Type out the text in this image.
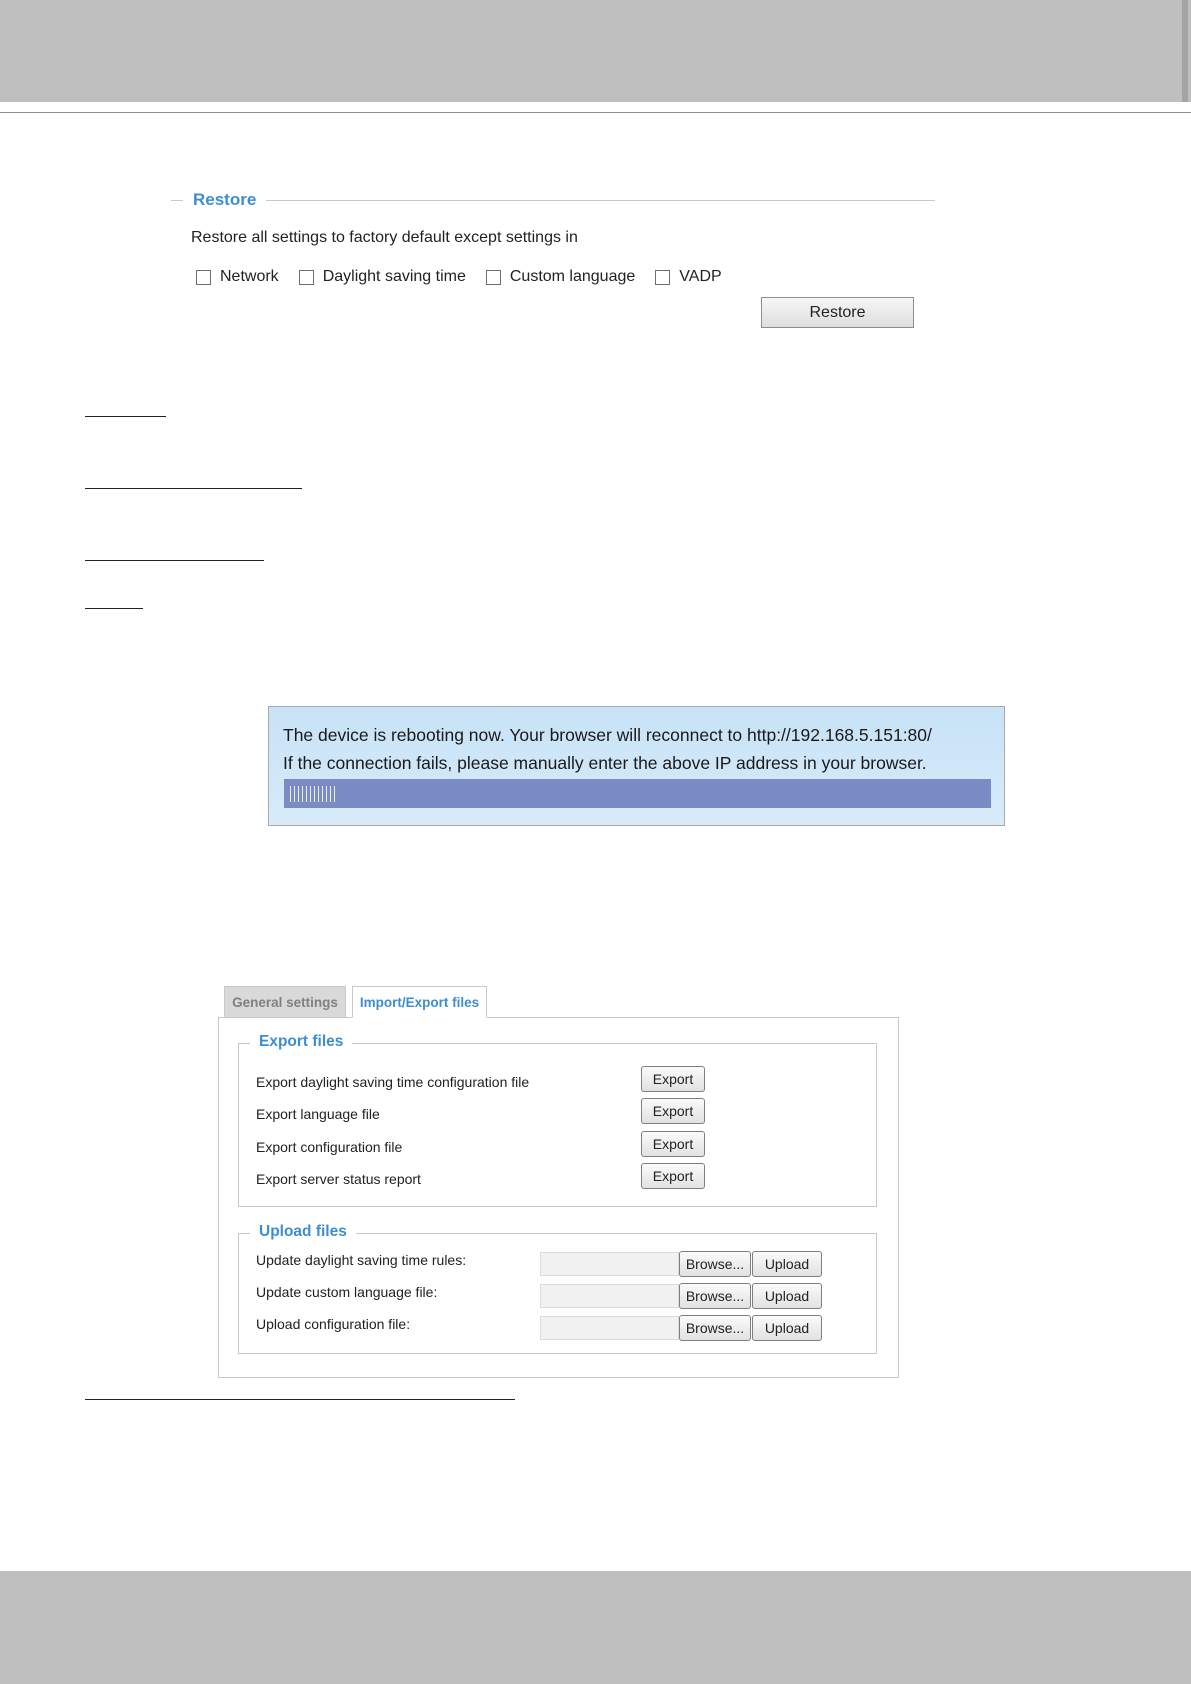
Restore
Restore all settings to factory default except settings in
Network	Daylight saving time	Custom language	VADP
Restore
The device is rebooting now. Your browser will reconnect to http://192.168.5.151:80/
If the connection fails, please manually enter the above IP address in your browser.
General settings	Import/Export files
Export files
Export daylight saving time configuration file	Export
Export language file	Export
Export configuration file	Export
Export server status report	Export
Upload files
Update daylight saving time rules:	Browse...	Upload
Update custom language file:	Browse...	Upload
Upload configuration file:	Browse...	Upload
